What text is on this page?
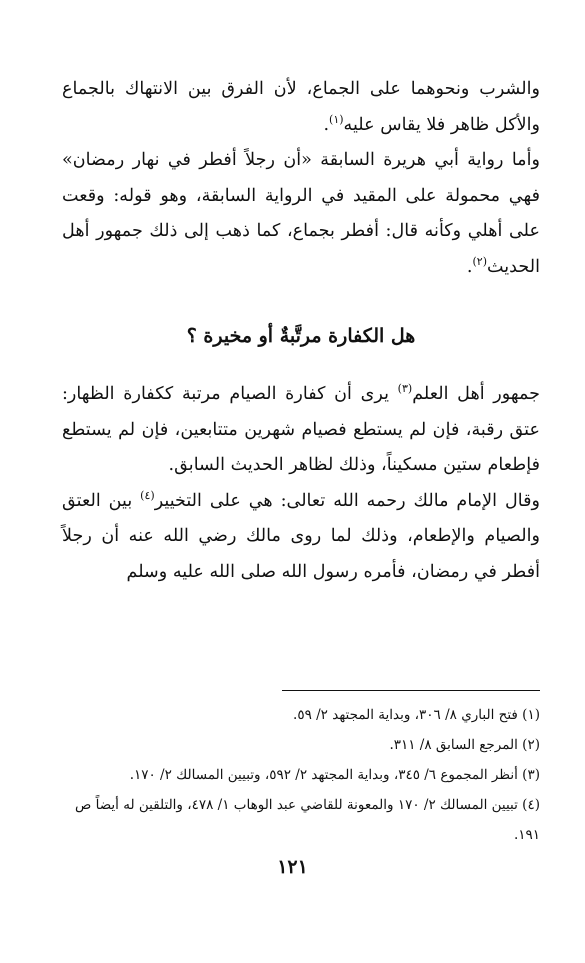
والشرب ونحوهما على الجماع، لأن الفرق بين الانتهاك بالجماع والأكل ظاهر فلا يقاس عليه$^{(١)}$.

وأما رواية أبي هريرة السابقة «أن رجلاً أفطر في نهار رمضان» فهي محمولة على المقيد في الرواية السابقة، وهو قوله: وقعت على أهلي وكأنه قال: أفطر بجماع، كما ذهب إلى ذلك جمهور أهل الحديث$^{(٢)}$.

هل الكفارة مرتَّبةٌ أو مخيرة ؟

جمهور أهل العلم$^{(٣)}$ يرى أن كفارة الصيام مرتبة ككفارة الظهار: عتق رقبة، فإن لم يستطع فصيام شهرين متتابعين، فإن لم يستطع فإطعام ستين مسكيناً، وذلك لظاهر الحديث السابق.

وقال الإمام مالك رحمه الله تعالى: هي على التخيير$^{(٤)}$ بين العتق والصيام والإطعام، وذلك لما روى مالك رضي الله عنه أن رجلاً أفطر في رمضان، فأمره رسول الله صلى الله عليه وسلم

(١) فتح الباري ٨/ ٣٠٦، وبداية المجتهد ٢/ ٥٩.

(٢) المرجع السابق ٨/ ٣١١.

(٣) أنظر المجموع ٦/ ٣٤٥، وبداية المجتهد ٢/ ٥٩٢، وتبيين المسالك ٢/ ١٧٠.

(٤) تبيين المسالك ٢/ ١٧٠ والمعونة للقاضي عبد الوهاب ١/ ٤٧٨، والتلقين له أيضاً ص ١٩١.

١٢١
